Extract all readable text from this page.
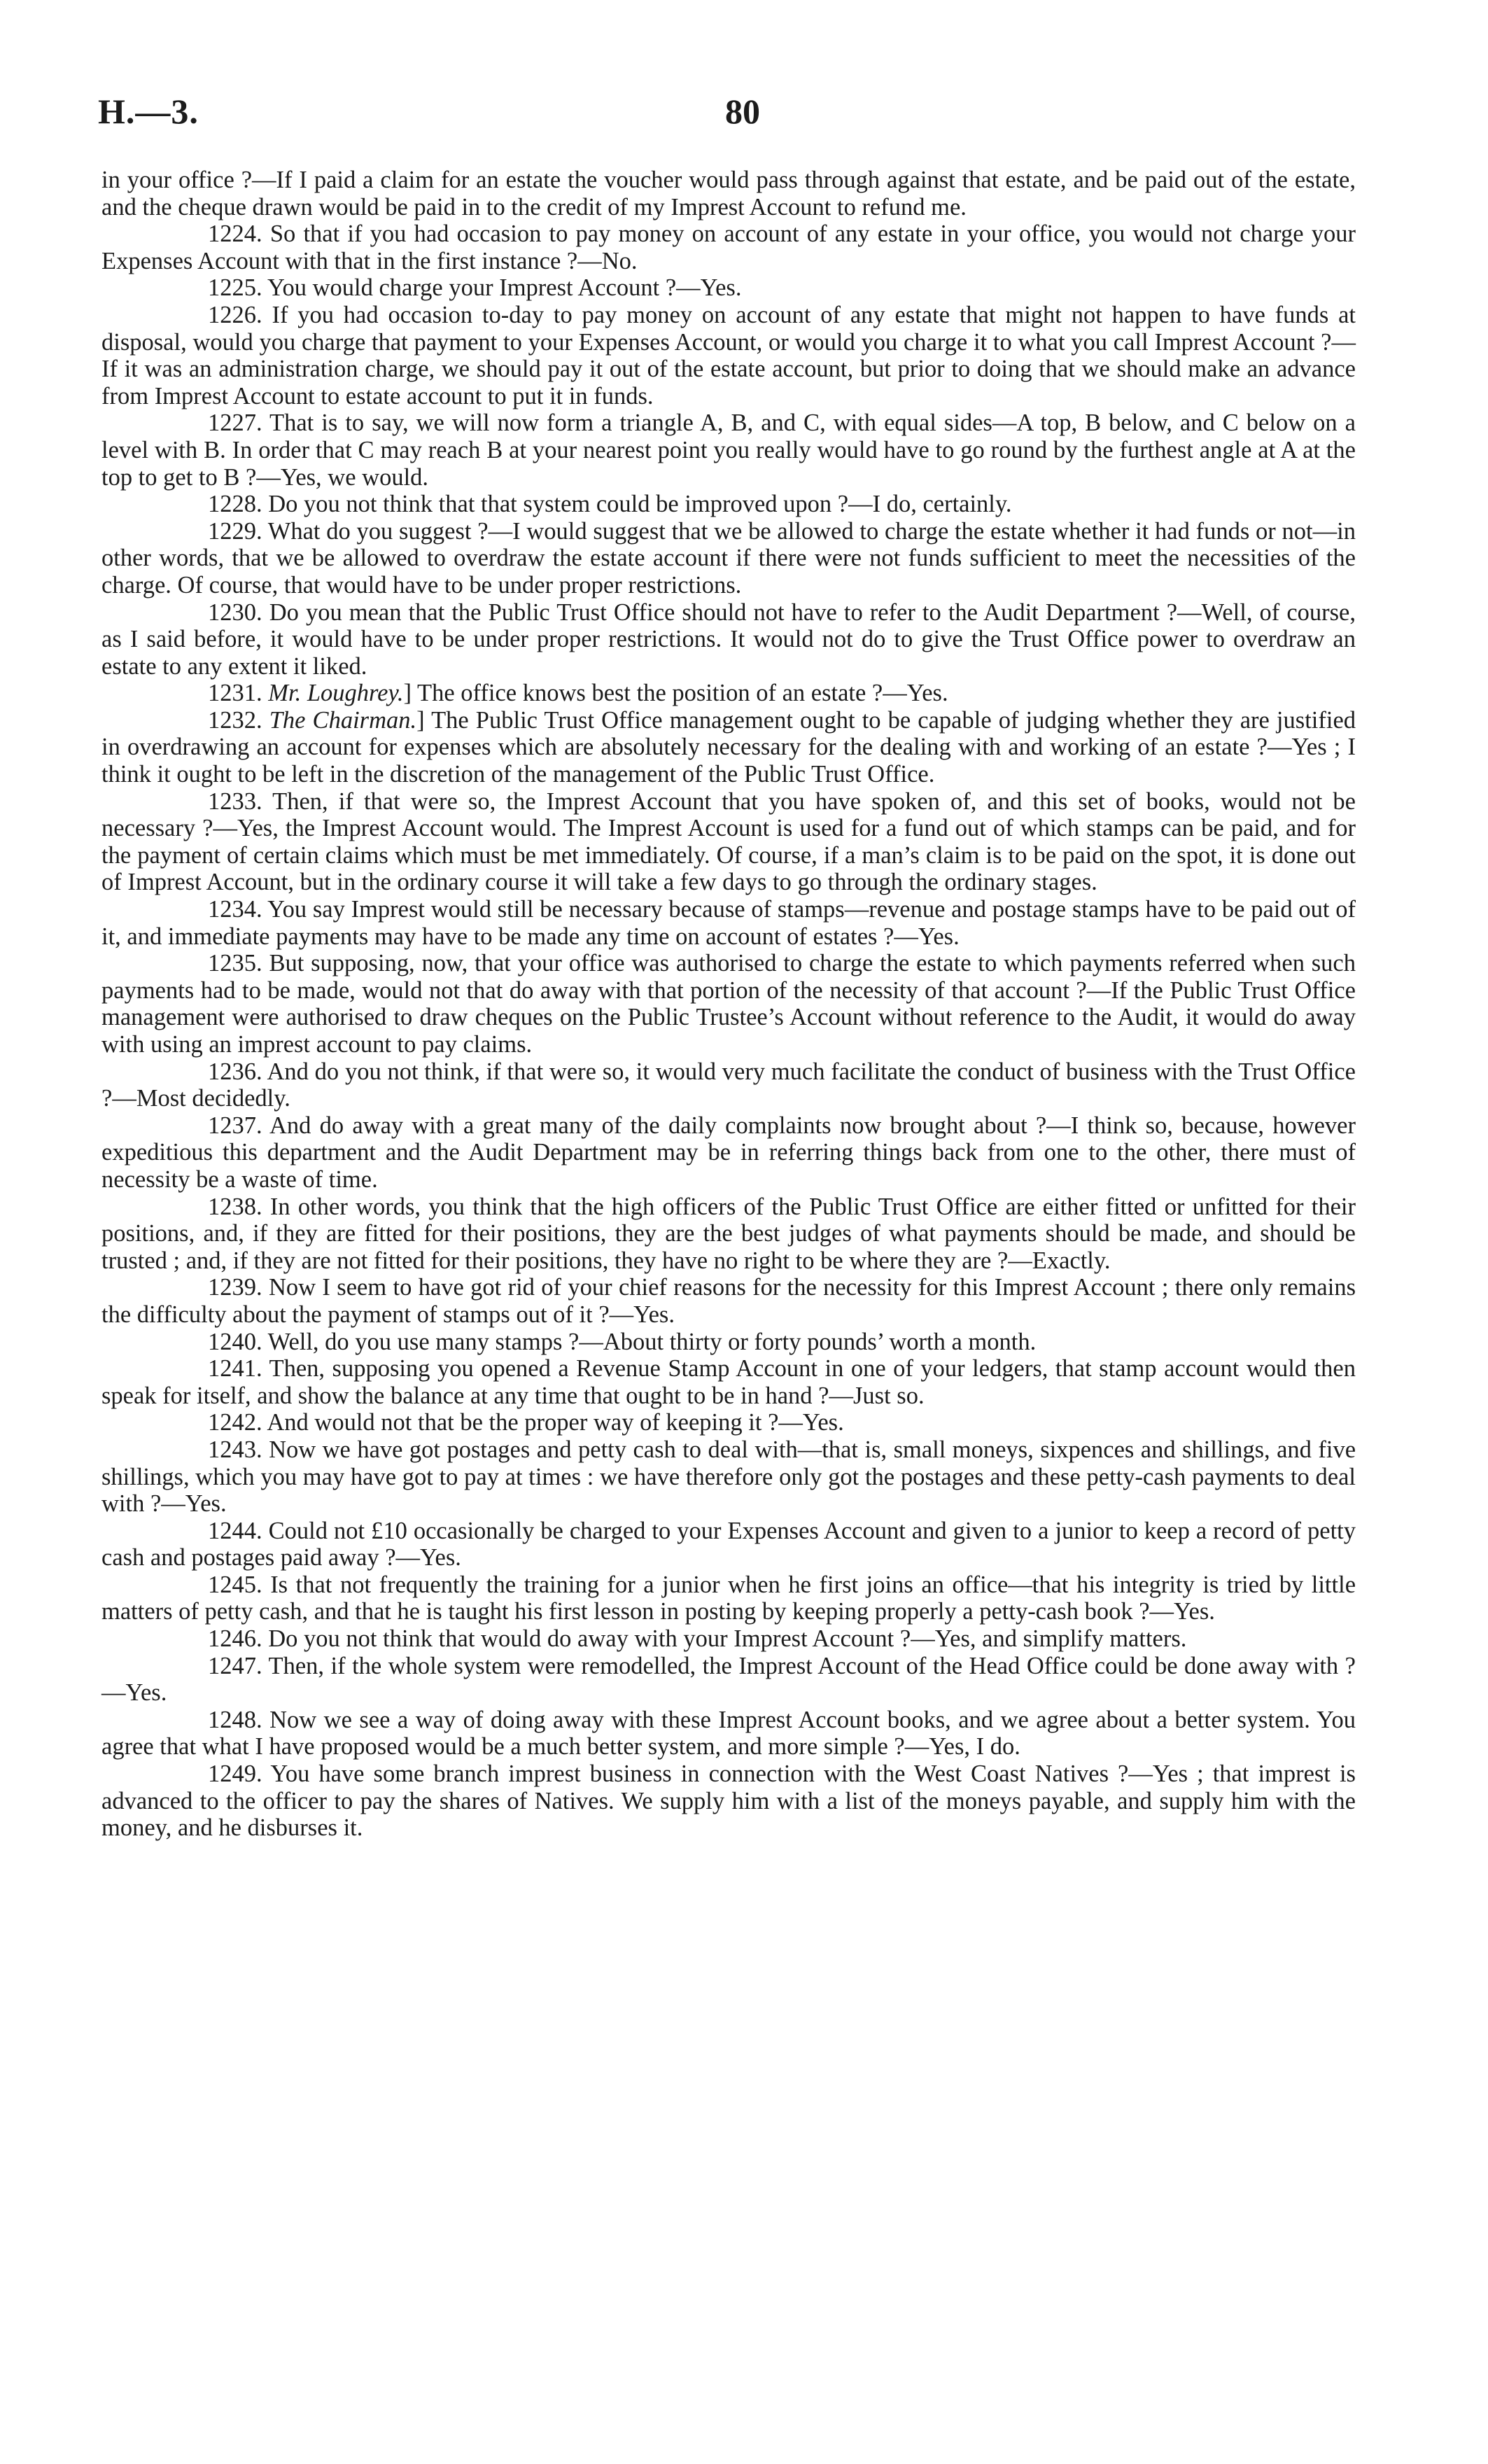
H.—3.	80

in your office ?—If I paid a claim for an estate the voucher would pass through against that estate, and be paid out of the estate, and the cheque drawn would be paid in to the credit of my Imprest Account to refund me.

1224. So that if you had occasion to pay money on account of any estate in your office, you would not charge your Expenses Account with that in the first instance ?—No.

1225. You would charge your Imprest Account ?—Yes.

1226. If you had occasion to-day to pay money on account of any estate that might not happen to have funds at disposal, would you charge that payment to your Expenses Account, or would you charge it to what you call Imprest Account ?—If it was an administration charge, we should pay it out of the estate account, but prior to doing that we should make an advance from Imprest Account to estate account to put it in funds.

1227. That is to say, we will now form a triangle A, B, and C, with equal sides—A top, B below, and C below on a level with B. In order that C may reach B at your nearest point you really would have to go round by the furthest angle at A at the top to get to B ?—Yes, we would.

1228. Do you not think that that system could be improved upon ?—I do, certainly.

1229. What do you suggest ?—I would suggest that we be allowed to charge the estate whether it had funds or not—in other words, that we be allowed to overdraw the estate account if there were not funds sufficient to meet the necessities of the charge. Of course, that would have to be under proper restrictions.

1230. Do you mean that the Public Trust Office should not have to refer to the Audit Department ?—Well, of course, as I said before, it would have to be under proper restrictions. It would not do to give the Trust Office power to overdraw an estate to any extent it liked.

1231. Mr. Loughrey.] The office knows best the position of an estate ?—Yes.

1232. The Chairman.] The Public Trust Office management ought to be capable of judging whether they are justified in overdrawing an account for expenses which are absolutely necessary for the dealing with and working of an estate ?—Yes ; I think it ought to be left in the discretion of the management of the Public Trust Office.

1233. Then, if that were so, the Imprest Account that you have spoken of, and this set of books, would not be necessary ?—Yes, the Imprest Account would. The Imprest Account is used for a fund out of which stamps can be paid, and for the payment of certain claims which must be met immediately. Of course, if a man’s claim is to be paid on the spot, it is done out of Imprest Account, but in the ordinary course it will take a few days to go through the ordinary stages.

1234. You say Imprest would still be necessary because of stamps—revenue and postage stamps have to be paid out of it, and immediate payments may have to be made any time on account of estates ?—Yes.

1235. But supposing, now, that your office was authorised to charge the estate to which payments referred when such payments had to be made, would not that do away with that portion of the necessity of that account ?—If the Public Trust Office management were authorised to draw cheques on the Public Trustee’s Account without reference to the Audit, it would do away with using an imprest account to pay claims.

1236. And do you not think, if that were so, it would very much facilitate the conduct of business with the Trust Office ?—Most decidedly.

1237. And do away with a great many of the daily complaints now brought about ?—I think so, because, however expeditious this department and the Audit Department may be in referring things back from one to the other, there must of necessity be a waste of time.

1238. In other words, you think that the high officers of the Public Trust Office are either fitted or unfitted for their positions, and, if they are fitted for their positions, they are the best judges of what payments should be made, and should be trusted ; and, if they are not fitted for their positions, they have no right to be where they are ?—Exactly.

1239. Now I seem to have got rid of your chief reasons for the necessity for this Imprest Account ; there only remains the difficulty about the payment of stamps out of it ?—Yes.

1240. Well, do you use many stamps ?—About thirty or forty pounds’ worth a month.

1241. Then, supposing you opened a Revenue Stamp Account in one of your ledgers, that stamp account would then speak for itself, and show the balance at any time that ought to be in hand ?—Just so.

1242. And would not that be the proper way of keeping it ?—Yes.

1243. Now we have got postages and petty cash to deal with—that is, small moneys, sixpences and shillings, and five shillings, which you may have got to pay at times : we have therefore only got the postages and these petty-cash payments to deal with ?—Yes.

1244. Could not £10 occasionally be charged to your Expenses Account and given to a junior to keep a record of petty cash and postages paid away ?—Yes.

1245. Is that not frequently the training for a junior when he first joins an office—that his integrity is tried by little matters of petty cash, and that he is taught his first lesson in posting by keeping properly a petty-cash book ?—Yes.

1246. Do you not think that would do away with your Imprest Account ?—Yes, and simplify matters.

1247. Then, if the whole system were remodelled, the Imprest Account of the Head Office could be done away with ?—Yes.

1248. Now we see a way of doing away with these Imprest Account books, and we agree about a better system. You agree that what I have proposed would be a much better system, and more simple ?—Yes, I do.

1249. You have some branch imprest business in connection with the West Coast Natives ?—Yes ; that imprest is advanced to the officer to pay the shares of Natives. We supply him with a list of the moneys payable, and supply him with the money, and he disburses it.
